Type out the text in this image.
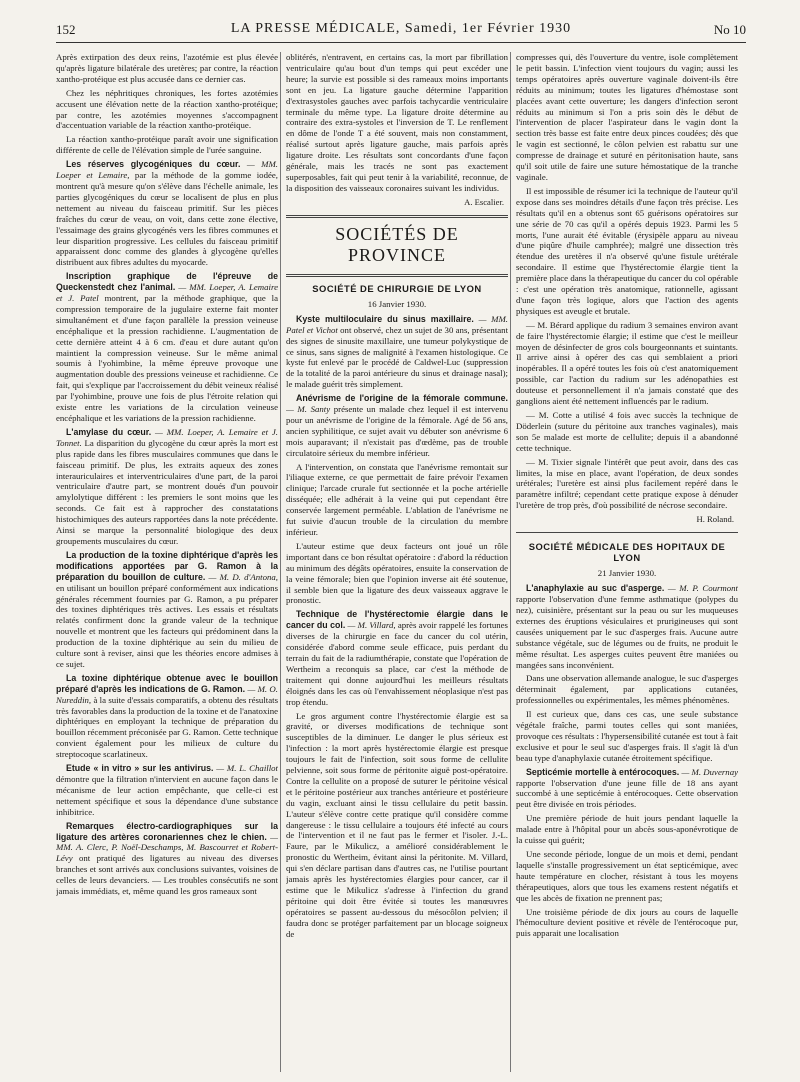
152	LA PRESSE MÉDICALE, Samedi, 1er Février 1930	No 10

Après extirpation des deux reins, l'azotémie est plus élevée qu'après ligature bilatérale des uretères; par contre, la réaction xantho-protéique est plus accusée dans ce dernier cas.

Chez les néphritiques chroniques, les fortes azotémies accusent une élévation nette de la réaction xantho-protéique; par contre, les azotémies moyennes s'accompagnent d'accentuation variable de la réaction xantho-protéique.

La réaction xantho-protéique paraît avoir une signification différente de celle de l'élévation simple de l'urée sanguine.

Les réserves glycogéniques du cœur. — MM. Loeper et Lemaire, par la méthode de la gomme iodée, montrent qu'à mesure qu'on s'élève dans l'échelle animale, les parties glycogéniques du cœur se localisent de plus en plus nettement au niveau du faisceau primitif. Sur les pièces fraîches du cœur de veau, on voit, dans cette zone élective, l'essaimage des grains glycogénés vers les fibres communes et leur disparition progressive. Les cellules du faisceau primitif apparaissent donc comme des glandes à glycogène qu'elles distribuent aux fibres adultes du myocarde.

Inscription graphique de l'épreuve de Queckenstedt chez l'animal. — MM. Loeper, A. Lemaire et J. Patel montrent, par la méthode graphique, que la compression temporaire de la jugulaire externe fait monter simultanément et d'une façon parallèle la pression veineuse encéphalique et la pression rachidienne. L'augmentation de cette dernière atteint 4 à 6 cm. d'eau et dure autant qu'on maintient la compression veineuse. Sur le même animal soumis à l'yohimbine, la même épreuve provoque une augmentation double des pressions veineuse et rachidienne. Ce fait, qui s'explique par l'accroissement du débit veineux réalisé par l'yohimbine, prouve une fois de plus l'étroite relation qui existe entre les variations de la circulation veineuse encéphalique et les variations de la pression rachidienne.

L'amylase du cœur. — MM. Loeper, A. Lemaire et J. Tonnet. La disparition du glycogène du cœur après la mort est plus rapide dans les fibres musculaires communes que dans le faisceau primitif. De plus, les extraits aqueux des zones interauriculaires et interventriculaires d'une part, de la paroi ventriculaire d'autre part, se montrent doués d'un pouvoir amylolytique différent : les premiers le sont moins que les seconds. Ce fait est à rapprocher des constatations histochimiques des auteurs rapportées dans la note précédente. Ainsi se marque la personnalité biologique des deux groupements musculaires du cœur.

La production de la toxine diphtérique d'après les modifications apportées par G. Ramon à la préparation du bouillon de culture. — M. D. d'Antona, en utilisant un bouillon préparé conformément aux indications générales récemment fournies par G. Ramon, a pu préparer des toxines diphtériques très actives. Les essais et résultats relatés confirment donc la grande valeur de la technique nouvelle et montrent que les facteurs qui prédominent dans la production de la toxine diphtérique au sein du milieu de culture sont à reviser, ainsi que les théories encore admises à ce sujet.

La toxine diphtérique obtenue avec le bouillon préparé d'après les indications de G. Ramon. — M. O. Nureddin, à la suite d'essais comparatifs, a obtenu des résultats très favorables dans la production de la toxine et de l'anatoxine diphtériques en employant la technique de préparation du bouillon récemment préconisée par G. Ramon. Cette technique convient également pour les milieux de culture du streptocoque scarlatineux.

Etude « in vitro » sur les antivirus. — M. L. Chaillot démontre que la filtration n'intervient en aucune façon dans le mécanisme de leur action empêchante, que celle-ci est nettement spécifique et sous la dépendance d'une substance inhibitrice.

Remarques électro-cardiographiques sur la ligature des artères coronariennes chez le chien. — MM. A. Clerc, P. Noël-Deschamps, M. Bascourret et Robert-Lévy ont pratiqué des ligatures au niveau des diverses branches et sont arrivés aux conclusions suivantes, voisines de celles de leurs devanciers. — Les troubles consécutifs ne sont jamais immédiats, et, même quand les gros rameaux sont

oblitérés, n'entravent, en certains cas, la mort par fibrillation ventriculaire qu'au bout d'un temps qui peut excéder une heure; la survie est possible si des rameaux moins importants sont en jeu. La ligature gauche détermine l'apparition d'extrasystoles gauches avec parfois tachycardie ventriculaire terminale du même type. La ligature droite détermine au contraire des extra-systoles et l'inversion de T. Le renflement en dôme de l'onde T a été souvent, mais non constamment, réalisé surtout après ligature gauche, mais parfois après ligature droite. Les résultats sont concordants d'une façon générale, mais les tracés ne sont pas exactement superposables, fait qui peut tenir à la variabilité, reconnue, de la disposition des vaisseaux coronaires suivant les individus.

A. Escalier.
SOCIÉTÉS DE PROVINCE
SOCIÉTÉ DE CHIRURGIE DE LYON
16 Janvier 1930.

Kyste multiloculaire du sinus maxillaire. — MM. Patel et Vichot ont observé, chez un sujet de 30 ans, présentant des signes de sinusite maxillaire, une tumeur polykystique de ce sinus, sans signes de malignité à l'examen histologique. Ce kyste fut enlevé par le procédé de Caldwel-Luc (suppression de la totalité de la paroi antérieure du sinus et drainage nasal); le malade guérit très simplement.

Anévrisme de l'origine de la fémorale commune. — M. Santy présente un malade chez lequel il est intervenu pour un anévrisme de l'origine de la fémorale. Agé de 56 ans, ancien syphilitique, ce sujet avait vu débuter son anévrisme 6 mois auparavant; il n'existait pas d'œdème, pas de trouble circulatoire sérieux du membre inférieur.

A l'intervention, on constata que l'anévrisme remontait sur l'iliaque externe, ce que permettait de faire prévoir l'examen clinique; l'arcade crurale fut sectionnée et la poche artérielle disséquée; elle adhérait à la veine qui put cependant être conservée largement perméable. L'ablation de l'anévrisme ne fut suivie d'aucun trouble de la circulation du membre inférieur.

L'auteur estime que deux facteurs ont joué un rôle important dans ce bon résultat opératoire : d'abord la réduction au minimum des dégâts opératoires, ensuite la conservation de la veine fémorale; bien que l'opinion inverse ait été soutenue, il semble bien que la ligature des deux vaisseaux aggrave le pronostic.

Technique de l'hystérectomie élargie dans le cancer du col. — M. Villard, après avoir rappelé les fortunes diverses de la chirurgie en face du cancer du col utérin, considérée d'abord comme seule efficace, puis perdant du terrain du fait de la radiumthérapie, constate que l'opération de Wertheim a reconquis sa place, car c'est la méthode de traitement qui donne aujourd'hui les meilleurs résultats éloignés dans les cas où l'envahissement néoplasique n'est pas trop étendu.

Le gros argument contre l'hystérectomie élargie est sa gravité, or diverses modifications de technique sont susceptibles de la diminuer. Le danger le plus sérieux est l'infection : la mort après hystérectomie élargie est presque toujours le fait de l'infection, soit sous forme de cellulite pelvienne, soit sous forme de péritonite aiguë post-opératoire. Contre la cellulite on a proposé de suturer le péritoine vésical et le péritoine postérieur aux tranches antérieure et postérieure du vagin, excluant ainsi le tissu cellulaire du petit bassin. L'auteur s'élève contre cette pratique qu'il considère comme dangereuse : le tissu cellulaire a toujours été infecté au cours de l'intervention et il ne faut pas le fermer et l'isoler. J.-L. Faure, par le Mikulicz, a amélioré considérablement le pronostic du Wertheim, évitant ainsi la péritonite. M. Villard, qui s'en déclare partisan dans d'autres cas, ne l'utilise pourtant jamais après les hystérectomies élargies pour cancer, car il estime que le Mikulicz s'adresse à l'infection du grand péritoine qui doit être évitée si toutes les manœuvres opératoires se passent au-dessous du mésocôlon pelvien; il faudra donc se protéger parfaitement par un blocage soigneux de

compresses qui, dès l'ouverture du ventre, isole complètement le petit bassin. L'infection vient toujours du vagin; aussi les temps opératoires après ouverture vaginale doivent-ils être réduits au minimum; toutes les ligatures d'hémostase sont placées avant cette ouverture; les dangers d'infection seront réduits au minimum si l'on a pris soin dès le début de l'intervention de placer l'aspirateur dans le vagin dont la section très basse est faite entre deux pinces coudées; dès que le vagin est sectionné, le côlon pelvien est rabattu sur une compresse de drainage et suturé en péritonisation haute, sans qu'il soit utile de faire une suture hémostatique de la tranche vaginale.

Il est impossible de résumer ici la technique de l'auteur qu'il expose dans ses moindres détails d'une façon très précise. Les résultats qu'il en a obtenus sont 65 guérisons opératoires sur une série de 70 cas qu'il a opérés depuis 1923. Parmi les 5 morts, l'une aurait été évitable (érysipèle apparu au niveau d'une piqûre d'huile camphrée); malgré une dissection très étendue des uretères il n'a observé qu'une fistule urétérale secondaire. Il estime que l'hystérectomie élargie tient la première place dans la thérapeutique du cancer du col opérable : c'est une opération très anatomique, rationnelle, agissant d'une façon très logique, alors que l'action des agents physiques est aveugle et brutale.

— M. Bérard applique du radium 3 semaines environ avant de faire l'hystérectomie élargie; il estime que c'est le meilleur moyen de désinfecter de gros cols bourgeonnants et suintants. Il arrive ainsi à opérer des cas qui semblaient a priori inopérables. Il a opéré toutes les fois où c'est anatomiquement possible, car l'action du radium sur les adénopathies est douteuse et personnellement il n'a jamais constaté que des ganglions aient été nettement influencés par le radium.

— M. Cotte a utilisé 4 fois avec succès la technique de Döderlein (suture du péritoine aux tranches vaginales), mais son 5e malade est morte de cellulite; depuis il a abandonné cette technique.

— M. Tixier signale l'intérêt que peut avoir, dans des cas limites, la mise en place, avant l'opération, de deux sondes urétérales; l'uretère est ainsi plus facilement repéré dans le paramètre infiltré; cependant cette pratique expose à dénuder l'uretère de trop près, d'où possibilité de nécrose secondaire.

H. Roland.
SOCIÉTÉ MÉDICALE DES HOPITAUX DE LYON
21 Janvier 1930.

L'anaphylaxie au suc d'asperge. — M. P. Courmont rapporte l'observation d'une femme asthmatique (polypes du nez), cuisinière, présentant sur la peau ou sur les muqueuses externes des éruptions vésiculaires et prurigineuses qui sont causées uniquement par le suc d'asperges frais. Aucune autre substance végétale, suc de légumes ou de fruits, ne produit le même résultat. Les asperges cuites peuvent être maniées ou mangées sans inconvénient.

Dans une observation allemande analogue, le suc d'asperges déterminait également, par applications cutanées, professionnelles ou expérimentales, les mêmes phénomènes.

Il est curieux que, dans ces cas, une seule substance végétale fraîche, parmi toutes celles qui sont maniées, provoque ces résultats : l'hypersensibilité cutanée est tout à fait exclusive et pour le seul suc d'asperges frais. Il s'agit là d'un beau type d'anaphylaxie cutanée étroitement spécifique.

Septicémie mortelle à entérocoques. — M. Duvernay rapporte l'observation d'une jeune fille de 18 ans ayant succombé à une septicémie à entérocoques. Cette observation peut être divisée en trois périodes.

Une première période de huit jours pendant laquelle la malade entre à l'hôpital pour un abcès sous-aponévrotique de la cuisse qui guérit;

Une seconde période, longue de un mois et demi, pendant laquelle s'installe progressivement un état septicémique, avec haute température en clocher, résistant à tous les moyens thérapeutiques, alors que tous les examens restent négatifs et que les abcès de fixation ne prennent pas;

Une troisième période de dix jours au cours de laquelle l'hémoculture devient positive et révèle de l'entérocoque pur, puis apparait une localisation
